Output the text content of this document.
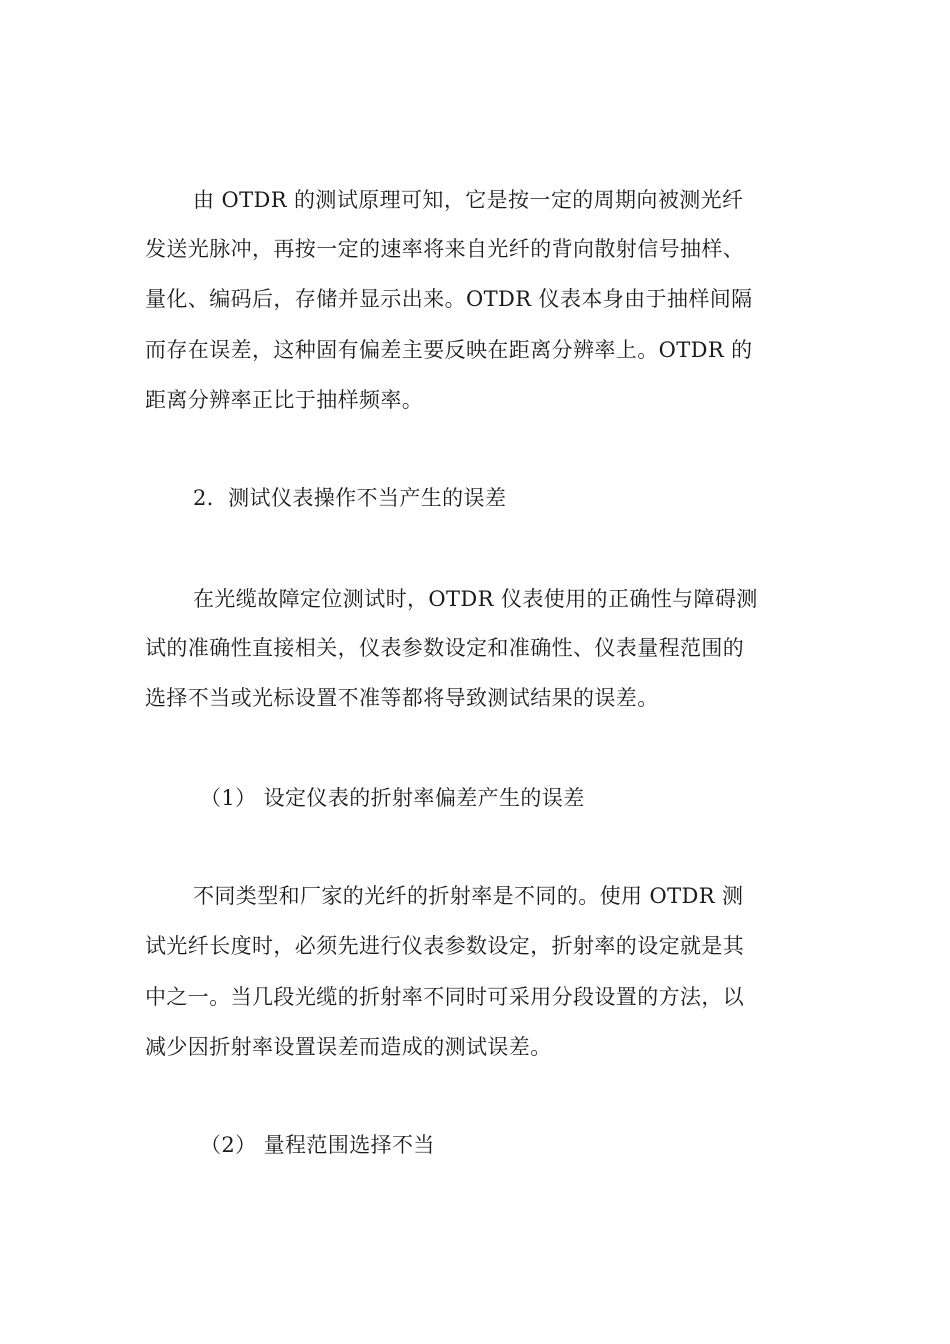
由 OTDR 的测试原理可知，它是按一定的周期向被测光纤
发送光脉冲，再按一定的速率将来自光纤的背向散射信号抽样、
量化、编码后，存储并显示出来。OTDR 仪表本身由于抽样间隔
而存在误差，这种固有偏差主要反映在距离分辨率上。OTDR 的
距离分辨率正比于抽样频率。
2．测试仪表操作不当产生的误差
在光缆故障定位测试时，OTDR 仪表使用的正确性与障碍测
试的准确性直接相关，仪表参数设定和准确性、仪表量程范围的
选择不当或光标设置不准等都将导致测试结果的误差。
（1） 设定仪表的折射率偏差产生的误差
不同类型和厂家的光纤的折射率是不同的。使用 OTDR 测
试光纤长度时，必须先进行仪表参数设定，折射率的设定就是其
中之一。当几段光缆的折射率不同时可采用分段设置的方法，以
减少因折射率设置误差而造成的测试误差。
（2） 量程范围选择不当
